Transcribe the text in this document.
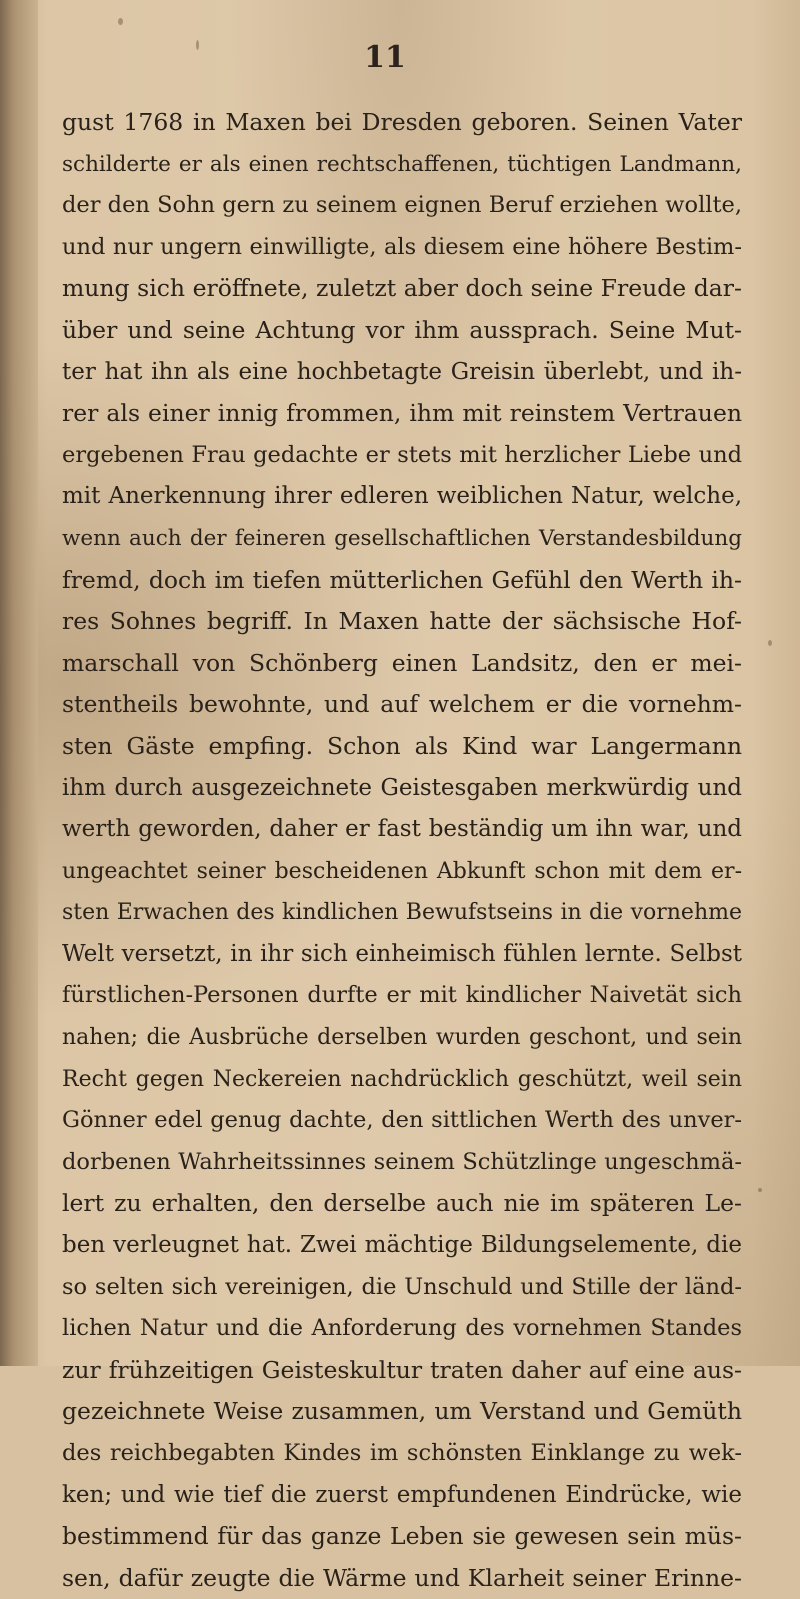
11
gust 1768 in Maxen bei Dresden geboren. Seinen Vater
schilderte er als einen rechtschaffenen, tüchtigen Landmann,
der den Sohn gern zu seinem eignen Beruf erziehen wollte,
und nur ungern einwilligte, als diesem eine höhere Bestim-
mung sich eröffnete, zuletzt aber doch seine Freude dar-
über und seine Achtung vor ihm aussprach. Seine Mut-
ter hat ihn als eine hochbetagte Greisin überlebt, und ih-
rer als einer innig frommen, ihm mit reinstem Vertrauen
ergebenen Frau gedachte er stets mit herzlicher Liebe und
mit Anerkennung ihrer edleren weiblichen Natur, welche,
wenn auch der feineren gesellschaftlichen Verstandesbildung
fremd, doch im tiefen mütterlichen Gefühl den Werth ih-
res Sohnes begriff. In Maxen hatte der sächsische Hof-
marschall von Schönberg einen Landsitz, den er mei-
stentheils bewohnte, und auf welchem er die vornehm-
sten Gäste empfing. Schon als Kind war Langermann
ihm durch ausgezeichnete Geistesgaben merkwürdig und
werth geworden, daher er fast beständig um ihn war, und
ungeachtet seiner bescheidenen Abkunft schon mit dem er-
sten Erwachen des kindlichen Bewufstseins in die vornehme
Welt versetzt, in ihr sich einheimisch fühlen lernte. Selbst
fürstlichen-Personen durfte er mit kindlicher Naivetät sich
nahen; die Ausbrüche derselben wurden geschont, und sein
Recht gegen Neckereien nachdrücklich geschützt, weil sein
Gönner edel genug dachte, den sittlichen Werth des unver-
dorbenen Wahrheitssinnes seinem Schützlinge ungeschmä-
lert zu erhalten, den derselbe auch nie im späteren Le-
ben verleugnet hat. Zwei mächtige Bildungselemente, die
so selten sich vereinigen, die Unschuld und Stille der länd-
lichen Natur und die Anforderung des vornehmen Standes
zur frühzeitigen Geisteskultur traten daher auf eine aus-
gezeichnete Weise zusammen, um Verstand und Gemüth
des reichbegabten Kindes im schönsten Einklange zu wek-
ken; und wie tief die zuerst empfundenen Eindrücke, wie
bestimmend für das ganze Leben sie gewesen sein müs-
sen, dafür zeugte die Wärme und Klarheit seiner Erinne-
